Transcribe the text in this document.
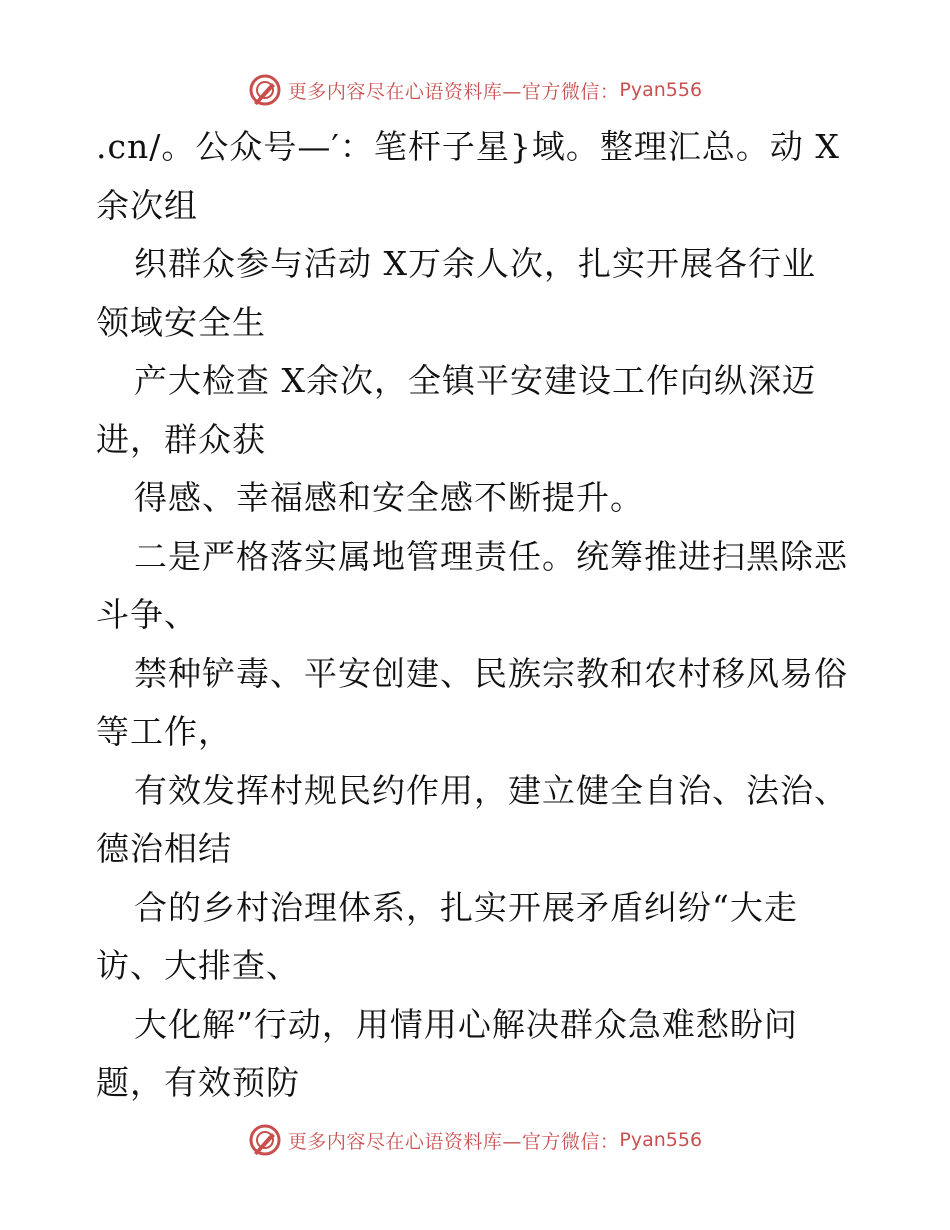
更多内容尽在心语资料库—官方微信： Pyan556
.cn/。公众号—′：笔杆子星}域。整理汇总。动 X
余次组
织群众参与活动 X万余人次，扎实开展各行业
领域安全生
产大检查 X余次，全镇平安建设工作向纵深迈
进，群众获
得感、幸福感和安全感不断提升。
二是严格落实属地管理责任。统筹推进扫黑除恶
斗争、
禁种铲毒、平安创建、民族宗教和农村移风易俗
等工作，
有效发挥村规民约作用，建立健全自治、法治、
德治相结
合的乡村治理体系，扎实开展矛盾纠纷“大走
访、大排查、
大化解”行动，用情用心解决群众急难愁盼问
题，有效预防
更多内容尽在心语资料库—官方微信： Pyan556
